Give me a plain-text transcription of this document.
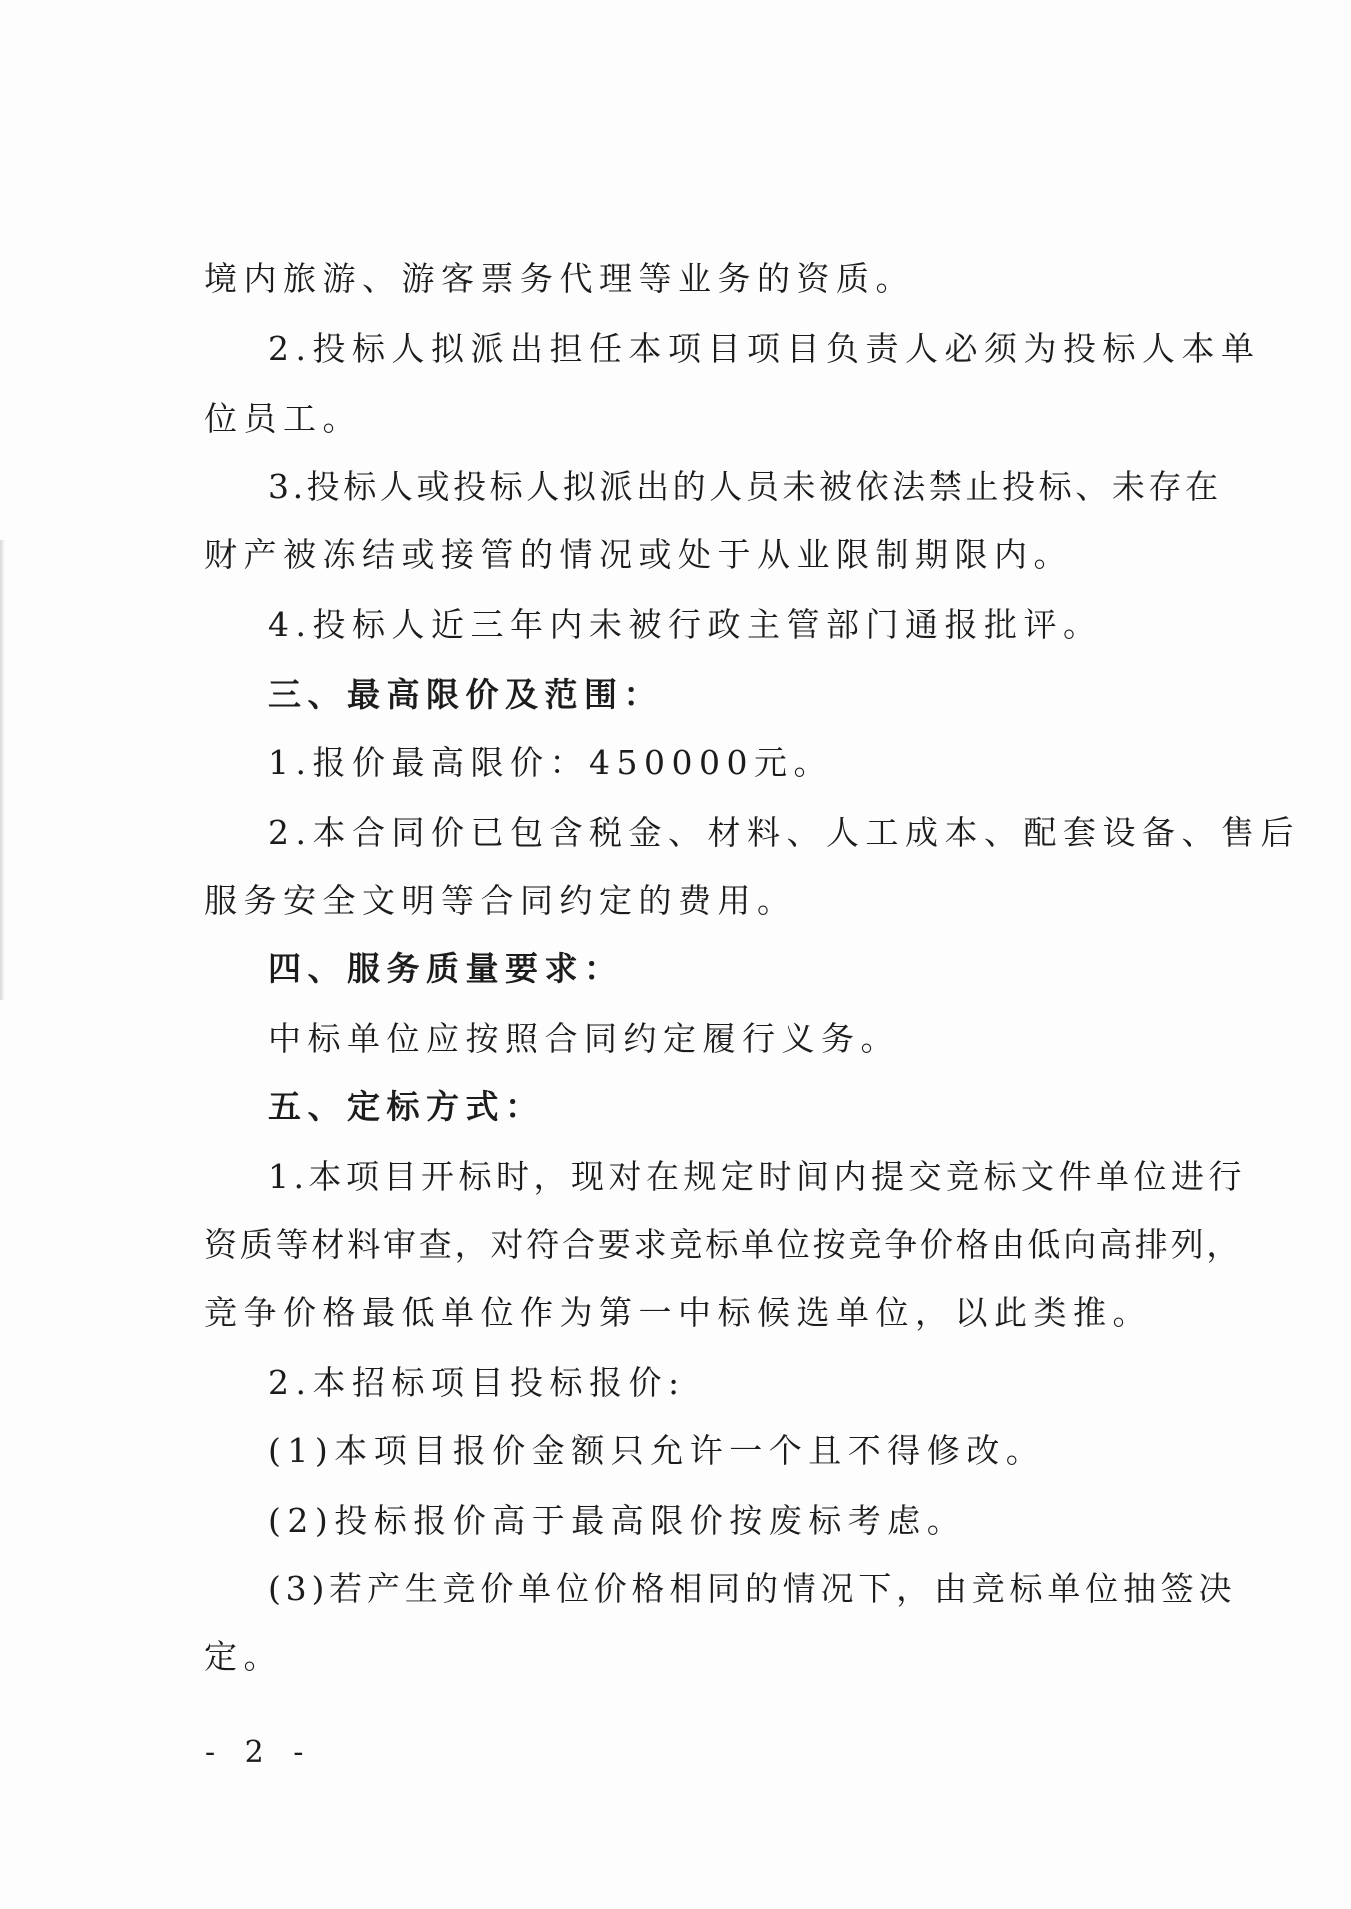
境内旅游、游客票务代理等业务的资质。
2.投标人拟派出担任本项目项目负责人必须为投标人本单
位员工。
3.投标人或投标人拟派出的人员未被依法禁止投标、未存在
财产被冻结或接管的情况或处于从业限制期限内。
4.投标人近三年内未被行政主管部门通报批评。
三、最高限价及范围：
1.报价最高限价：450000元。
2.本合同价已包含税金、材料、人工成本、配套设备、售后
服务安全文明等合同约定的费用。
四、服务质量要求：
中标单位应按照合同约定履行义务。
五、定标方式：
1.本项目开标时，现对在规定时间内提交竞标文件单位进行
资质等材料审查，对符合要求竞标单位按竞争价格由低向高排列，
竞争价格最低单位作为第一中标候选单位，以此类推。
2.本招标项目投标报价:
(1)本项目报价金额只允许一个且不得修改。
(2)投标报价高于最高限价按废标考虑。
(3)若产生竞价单位价格相同的情况下，由竞标单位抽签决
定。
- 2 -
